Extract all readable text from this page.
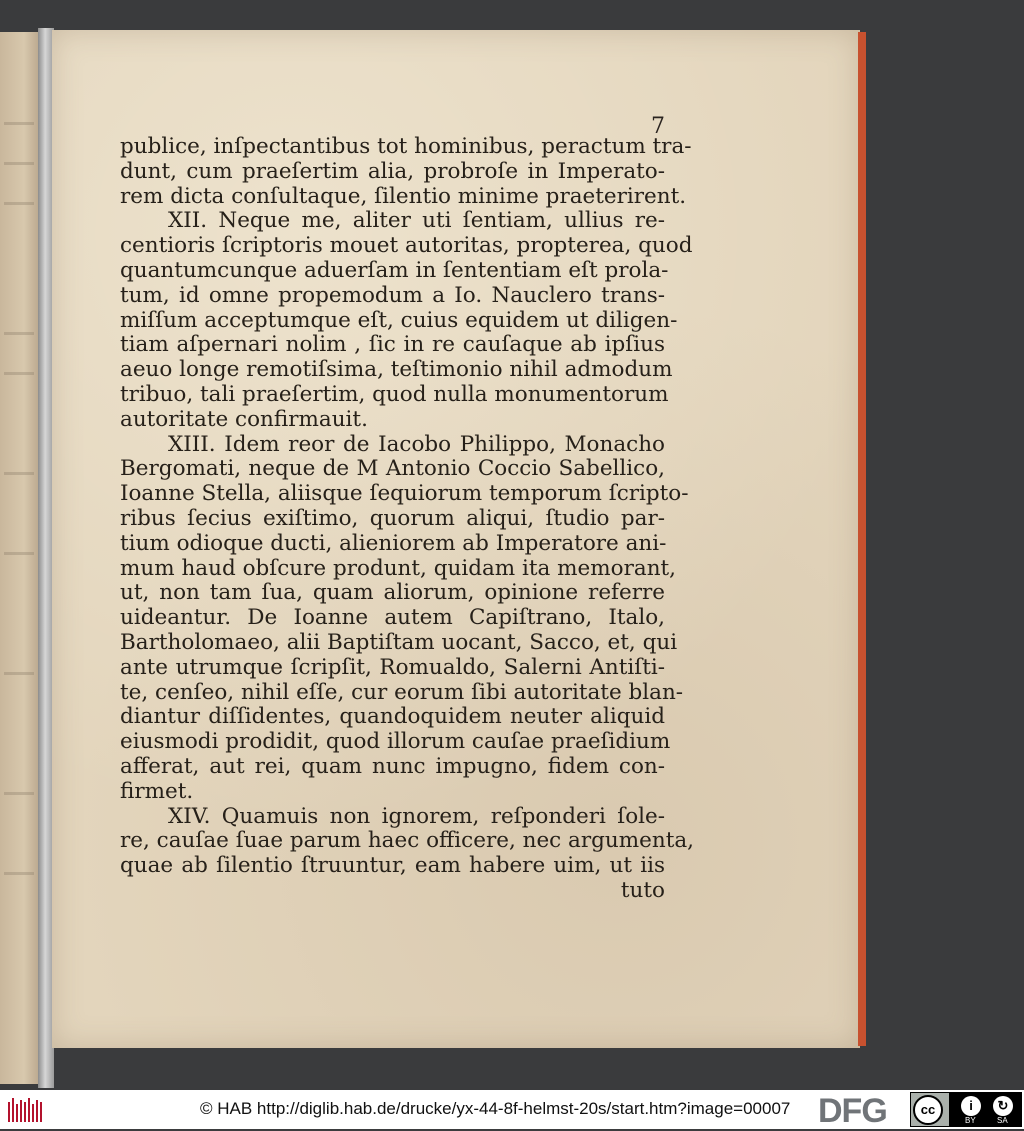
7
publice, inſpectantibus tot hominibus, peractum tra-
dunt, cum praeſertim alia, probroſe in Imperato-
rem dicta conſultaque, ſilentio minime praeterirent.
XII. Neque me, aliter uti ſentiam, ullius re-
centioris ſcriptoris mouet autoritas, propterea, quod
quantumcunque aduerſam in ſententiam eſt prola-
tum, id omne propemodum a Io. Nauclero trans-
miſſum acceptumque eſt, cuius equidem ut diligen-
tiam aſpernari nolim , ſic in re cauſaque ab ipſius
aeuo longe remotiſsima, teſtimonio nihil admodum
tribuo, tali praeſertim, quod nulla monumentorum
autoritate confirmauit.
XIII. Idem reor de Iacobo Philippo, Monacho
Bergomati, neque de M Antonio Coccio Sabellico,
Ioanne Stella, aliisque ſequiorum temporum ſcripto-
ribus ſecius exiſtimo, quorum aliqui, ſtudio par-
tium odioque ducti, alieniorem ab Imperatore ani-
mum haud obſcure produnt, quidam ita memorant,
ut, non tam ſua, quam aliorum, opinione referre
uideantur. De Ioanne autem Capiſtrano, Italo,
Bartholomaeo, alii Baptiſtam uocant, Sacco, et, qui
ante utrumque ſcripſit, Romualdo, Salerni Antiſti-
te, cenſeo, nihil eſſe, cur eorum ſibi autoritate blan-
diantur diſſidentes, quandoquidem neuter aliquid
eiusmodi prodidit, quod illorum cauſae praeſidium
afferat, aut rei, quam nunc impugno, fidem con-
firmet.
XIV. Quamuis non ignorem, reſponderi ſole-
re, cauſae ſuae parum haec officere, nec argumenta,
quae ab ſilentio ſtruuntur, eam habere uim, ut iis
tuto
© HAB http://diglib.hab.de/drucke/yx-44-8f-helmst-20s/start.htm?image=00007 DFG	cc	i	↻
BY	SA
